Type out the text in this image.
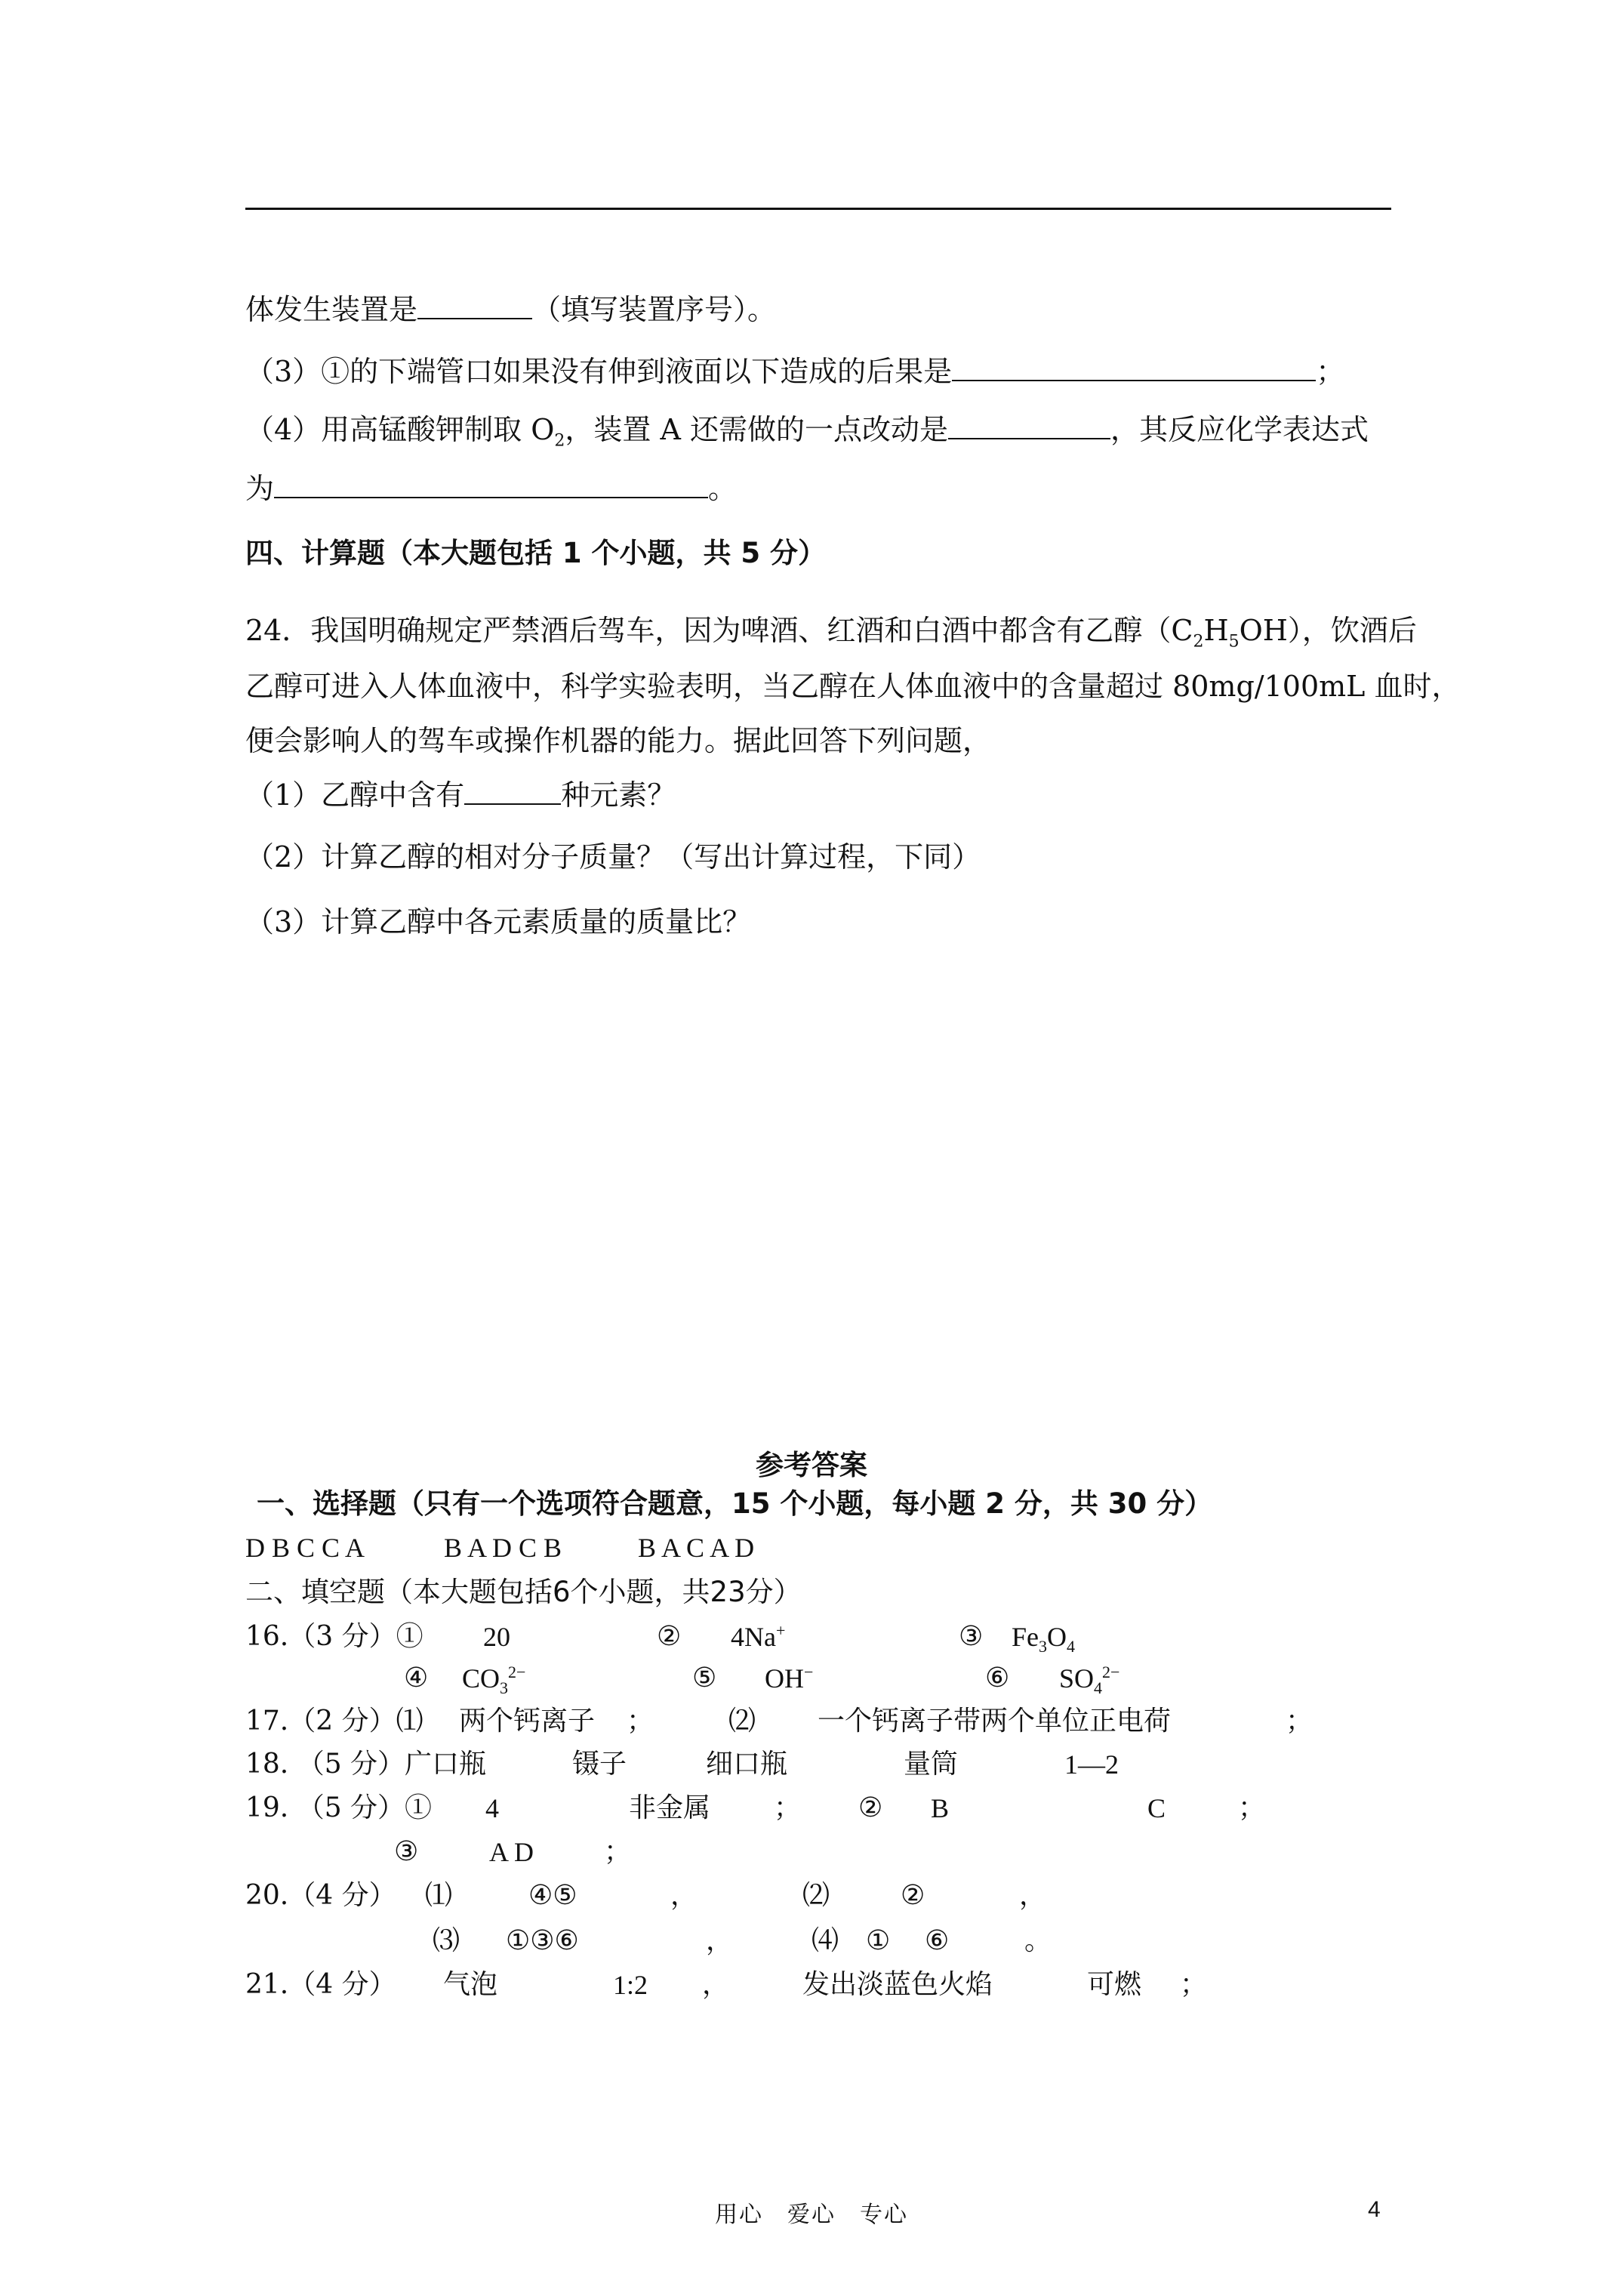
体发生装置是	（填写装置序号）。
（3）①的下端管口如果没有伸到液面以下造成的后果是	；
（4）用高锰酸钾制取 $O_2$，装置 A 还需做的一点改动是	，其反应化学表达式
为	。
四、计算题（本大题包括 1 个小题，共 5 分）
24．我国明确规定严禁酒后驾车，因为啤酒、红酒和白酒中都含有乙醇$(C_2H_5OH)$，饮酒后
乙醇可进入人体血液中，科学实验表明，当乙醇在人体血液中的含量超过 80mg/100mL 血时，
便会影响人的驾车或操作机器的能力。据此回答下列问题，
（1）乙醇中含有	种元素？
（2）计算乙醇的相对分子质量？（写出计算过程，下同）
（3）计算乙醇中各元素质量的质量比？
参考答案
一、选择题（只有一个选项符合题意，15 个小题，每小题 2 分，共 30 分）
D B C C A	B A D C B	B A C A D
二、填空题（本大题包括6个小题，共23分）
16.（3 分）① 20	② 4Na+	③ $Fe_3O_4$
④ $CO_3^{2-}$	⑤ OH−	⑥ $SO_4^{2-}$
17.（2 分）⑴ 两个钙离子 ；	⑵ 一个钙离子带两个单位正电荷	；
18. （5 分）广口瓶	镊子	细口瓶	量筒	1—2
19. （5 分）① 4	非金属 ； ② B	C	；
③	A D	；
20.（4 分） ⑴	④⑤	，	⑵	②	，
⑶ ①③⑥	，	⑷ ① ⑥	。
21.（4 分） 气泡	1:2 ，	发出淡蓝色火焰	可燃 ；
用心　爱心　专心	4
